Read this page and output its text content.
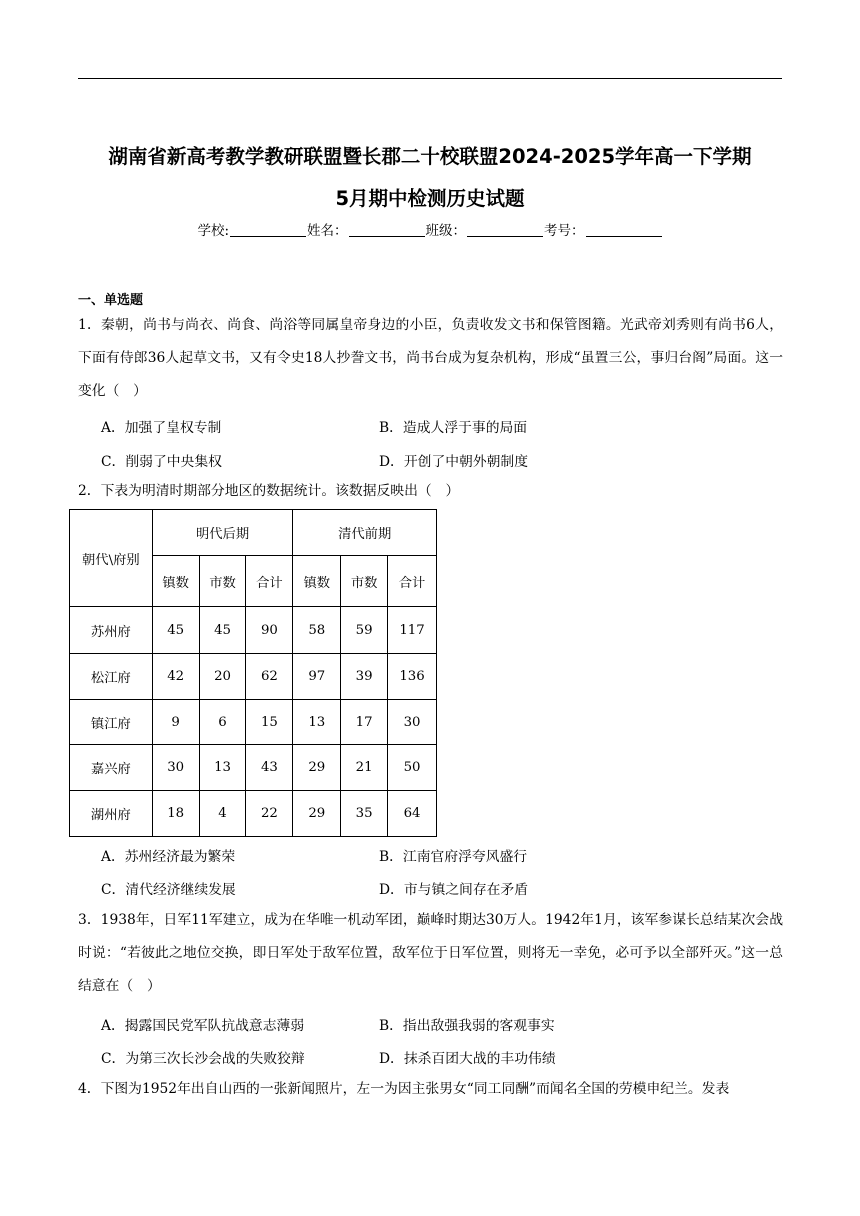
湖南省新高考教学教研联盟暨长郡二十校联盟2024-2025学年高一下学期
5月期中检测历史试题
学校:	姓名：	班级：	考号：
一、单选题
1．秦朝，尚书与尚衣、尚食、尚浴等同属皇帝身边的小臣，负责收发文书和保管图籍。光武帝刘秀则有尚书6人，下面有侍郎36人起草文书，又有令史18人抄誊文书，尚书台成为复杂机构，形成“虽置三公，事归台阁”局面。这一变化（　）
A．加强了皇权专制	B．造成人浮于事的局面
C．削弱了中央集权	D．开创了中朝外朝制度
2．下表为明清时期部分地区的数据统计。该数据反映出（　）
朝代\府别	明代后期			清代前期		
	镇数	市数	合计	镇数	市数	合计
苏州府	45	45	90	58	59	117
松江府	42	20	62	97	39	136
镇江府	9	6	15	13	17	30
嘉兴府	30	13	43	29	21	50
湖州府	18	4	22	29	35	64
A．苏州经济最为繁荣	B．江南官府浮夸风盛行
C．清代经济继续发展	D．市与镇之间存在矛盾
3．1938年，日军11军建立，成为在华唯一机动军团，巅峰时期达30万人。1942年1月，该军参谋长总结某次会战时说：“若彼此之地位交换，即日军处于敌军位置，敌军位于日军位置，则将无一幸免，必可予以全部歼灭。”这一总结意在（　）
A．揭露国民党军队抗战意志薄弱	B．指出敌强我弱的客观事实
C．为第三次长沙会战的失败狡辩	D．抹杀百团大战的丰功伟绩
4．下图为1952年出自山西的一张新闻照片，左一为因主张男女“同工同酬”而闻名全国的劳模申纪兰。发表
